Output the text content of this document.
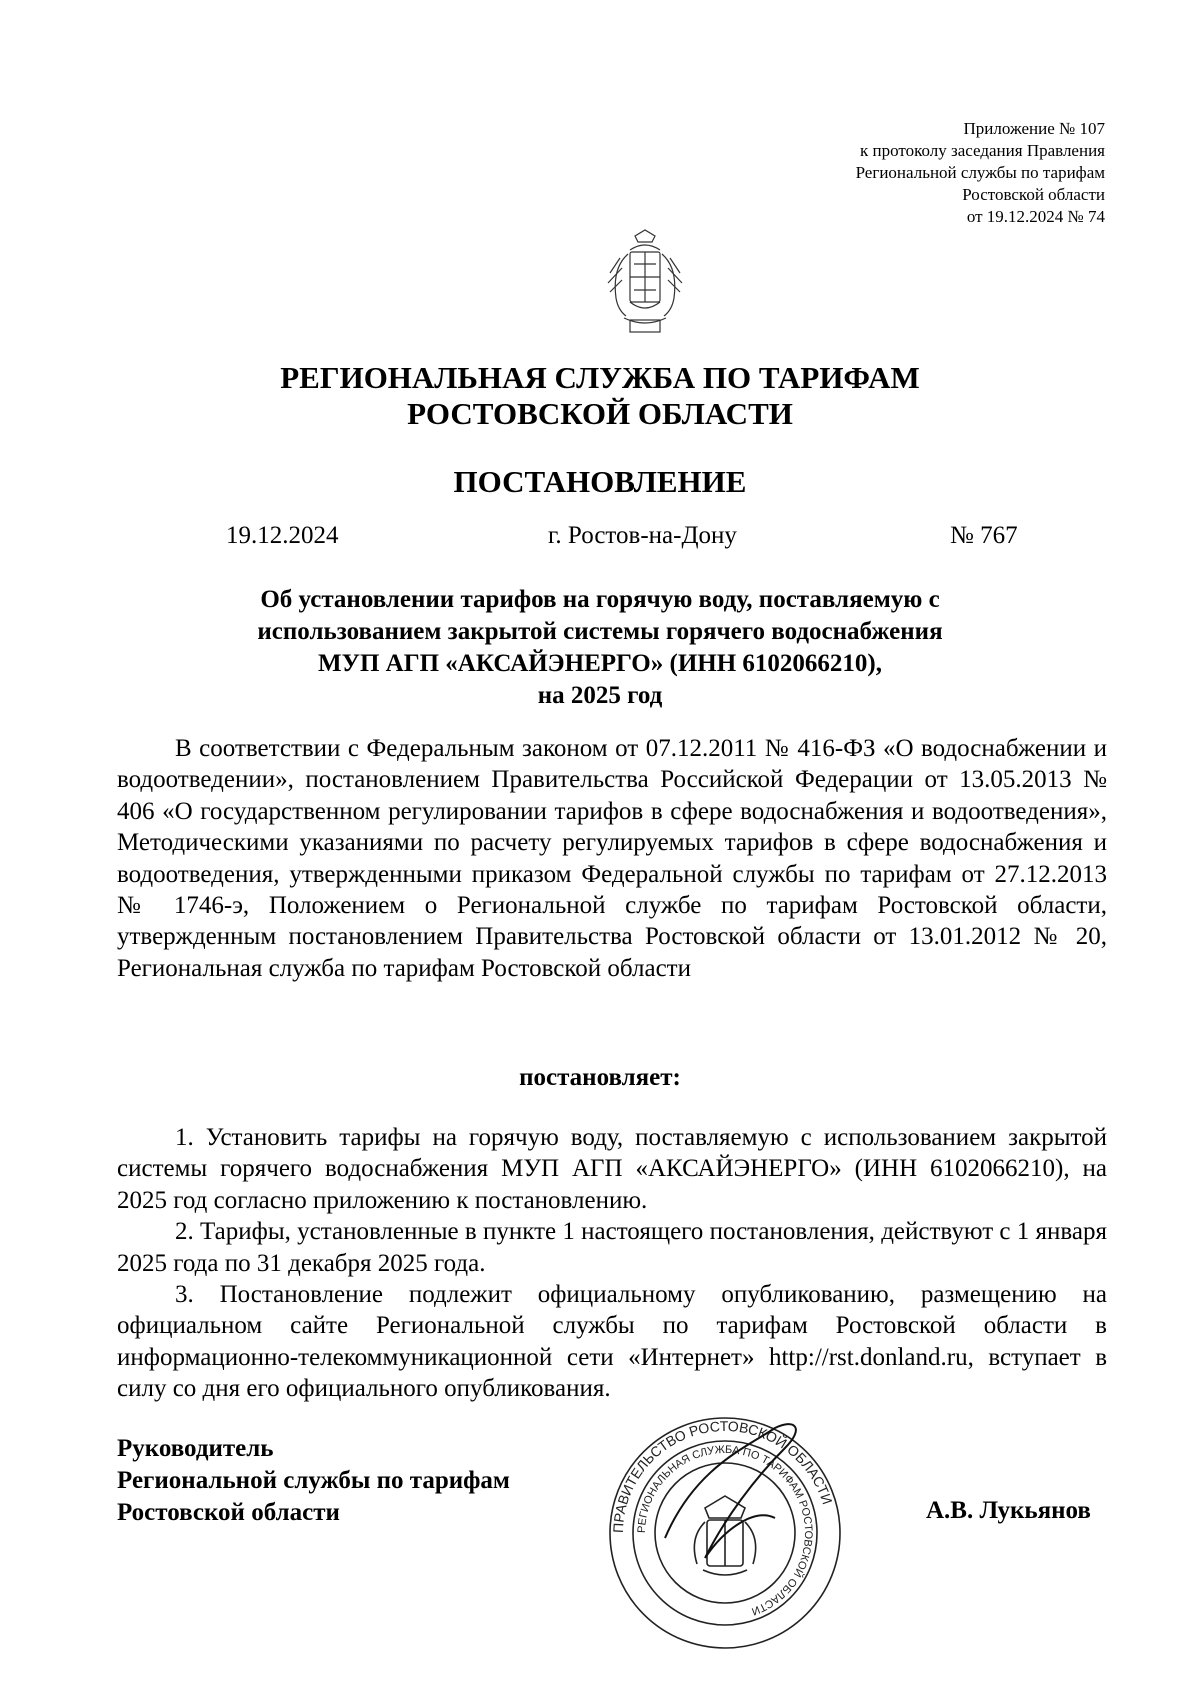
Приложение № 107
к протоколу заседания Правления
Региональной службы по тарифам
Ростовской области
от 19.12.2024 № 74
РЕГИОНАЛЬНАЯ СЛУЖБА ПО ТАРИФАМ
РОСТОВСКОЙ ОБЛАСТИ
ПОСТАНОВЛЕНИЕ
19.12.2024	г. Ростов-на-Дону	№ 767
Об установлении тарифов на горячую воду, поставляемую с
использованием закрытой системы горячего водоснабжения
МУП АГП «АКСАЙЭНЕРГО» (ИНН 6102066210),
на 2025 год

В соответствии с Федеральным законом от 07.12.2011 № 416-ФЗ «О водоснабжении и водоотведении», постановлением Правительства Российской Федерации от 13.05.2013 № 406 «О государственном регулировании тарифов в сфере водоснабжения и водоотведения», Методическими указаниями по расчету регулируемых тарифов в сфере водоснабжения и водоотведения, утвержденными приказом Федеральной службы по тарифам от 27.12.2013 № 1746-э, Положением о Региональной службе по тарифам Ростовской области, утвержденным постановлением Правительства Ростовской области от 13.01.2012 № 20, Региональная служба по тарифам Ростовской области

постановляет:

1. Установить тарифы на горячую воду, поставляемую с использованием закрытой системы горячего водоснабжения МУП АГП «АКСАЙЭНЕРГО» (ИНН 6102066210), на 2025 год согласно приложению к постановлению.

2. Тарифы, установленные в пункте 1 настоящего постановления, действуют с 1 января 2025 года по 31 декабря 2025 года.

3. Постановление подлежит официальному опубликованию, размещению на официальном сайте Региональной службы по тарифам Ростовской области в информационно-телекоммуникационной сети «Интернет» http://rst.donland.ru, вступает в силу со дня его официального опубликования.

Руководитель
Региональной службы по тарифам
Ростовской области
ПРАВИТЕЛЬСТВО РОСТОВСКОЙ ОБЛАСТИ
РЕГИОНАЛЬНАЯ СЛУЖБА ПО ТАРИФАМ РОСТОВСКОЙ ОБЛАСТИ
А.В. Лукьянов
